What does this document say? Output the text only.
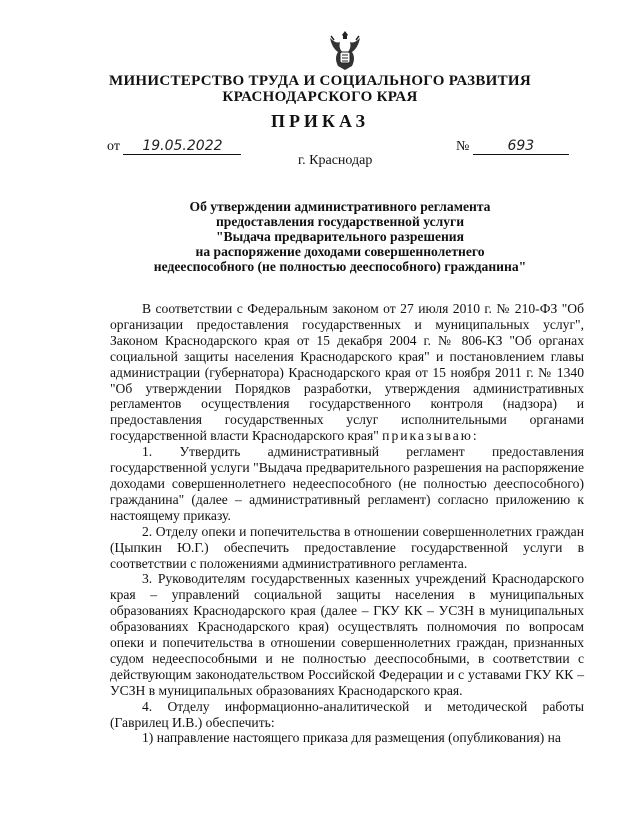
МИНИСТЕРСТВО ТРУДА И СОЦИАЛЬНОГО РАЗВИТИЯ
КРАСНОДАРСКОГО КРАЯ
ПРИКАЗ
от 19.05.2022	№	693
г. Краснодар
Об утверждении административного регламента
предоставления государственной услуги
"Выдача предварительного разрешения
на распоряжение доходами совершеннолетнего
недееспособного (не полностью дееспособного) гражданина"

В соответствии с Федеральным законом от 27 июля 2010 г. № 210-ФЗ "Об организации предоставления государственных и муниципальных услуг", Законом Краснодарского края от 15 декабря 2004 г. № 806-КЗ "Об органах социальной защиты населения Краснодарского края" и постановлением главы администрации (губернатора) Краснодарского края от 15 ноября 2011 г. № 1340 "Об утверждении Порядков разработки, утверждения административных регламентов осуществления государственного контроля (надзора) и предоставления государственных услуг исполнительными органами государственной власти Краснодарского края" приказываю:

1. Утвердить административный регламент предоставления государственной услуги "Выдача предварительного разрешения на распоряжение доходами совершеннолетнего недееспособного (не полностью дееспособного) гражданина" (далее – административный регламент) согласно приложению к настоящему приказу.

2. Отделу опеки и попечительства в отношении совершеннолетних граждан (Цыпкин Ю.Г.) обеспечить предоставление государственной услуги в соответствии с положениями административного регламента.

3. Руководителям государственных казенных учреждений Краснодарского края – управлений социальной защиты населения в муниципальных образованиях Краснодарского края (далее – ГКУ КК – УСЗН в муниципальных образованиях Краснодарского края) осуществлять полномочия по вопросам опеки и попечительства в отношении совершеннолетних граждан, признанных судом недееспособными и не полностью дееспособными, в соответствии с действующим законодательством Российской Федерации и с уставами ГКУ КК – УСЗН в муниципальных образованиях Краснодарского края.

4. Отделу информационно-аналитической и методической работы (Гаврилец И.В.) обеспечить:

1) направление настоящего приказа для размещения (опубликования) на
